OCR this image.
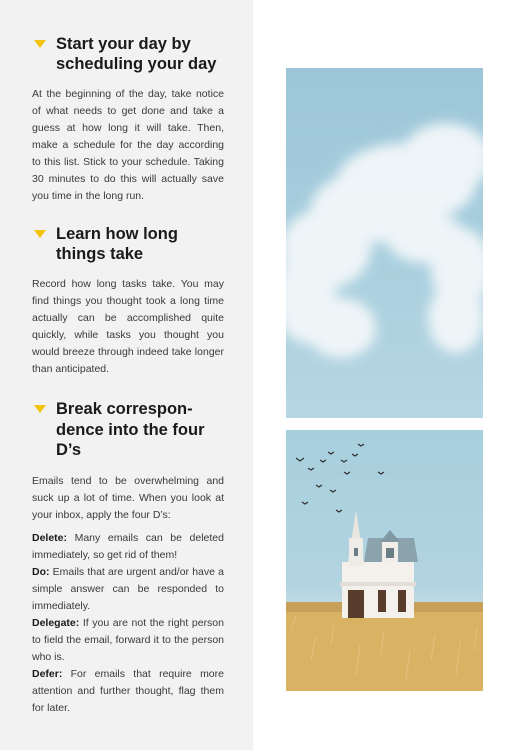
Start your day by
scheduling your day
At the beginning of the day, take notice of what needs to get done and take a guess at how long it will take. Then, make a schedule for the day according to this list. Stick to your schedule. Taking 30 minutes to do this will actually save you time in the long run.
Learn how long
things take
Record how long tasks take. You may find things you thought took a long time actually can be accomplished quite quickly, while tasks you thought you would breeze through indeed take longer than anticipated.
Break correspon-
dence into the four
D’s
Emails tend to be overwhelming and suck up a lot of time. When you look at your inbox, apply the four D’s:
Delete: Many emails can be deleted immediately, so get rid of them!
Do: Emails that are urgent and/or have a simple answer can be responded to immediately.
Delegate: If you are not the right person to field the email, forward it to the person who is.
Defer: For emails that require more attention and further thought, flag them for later.
